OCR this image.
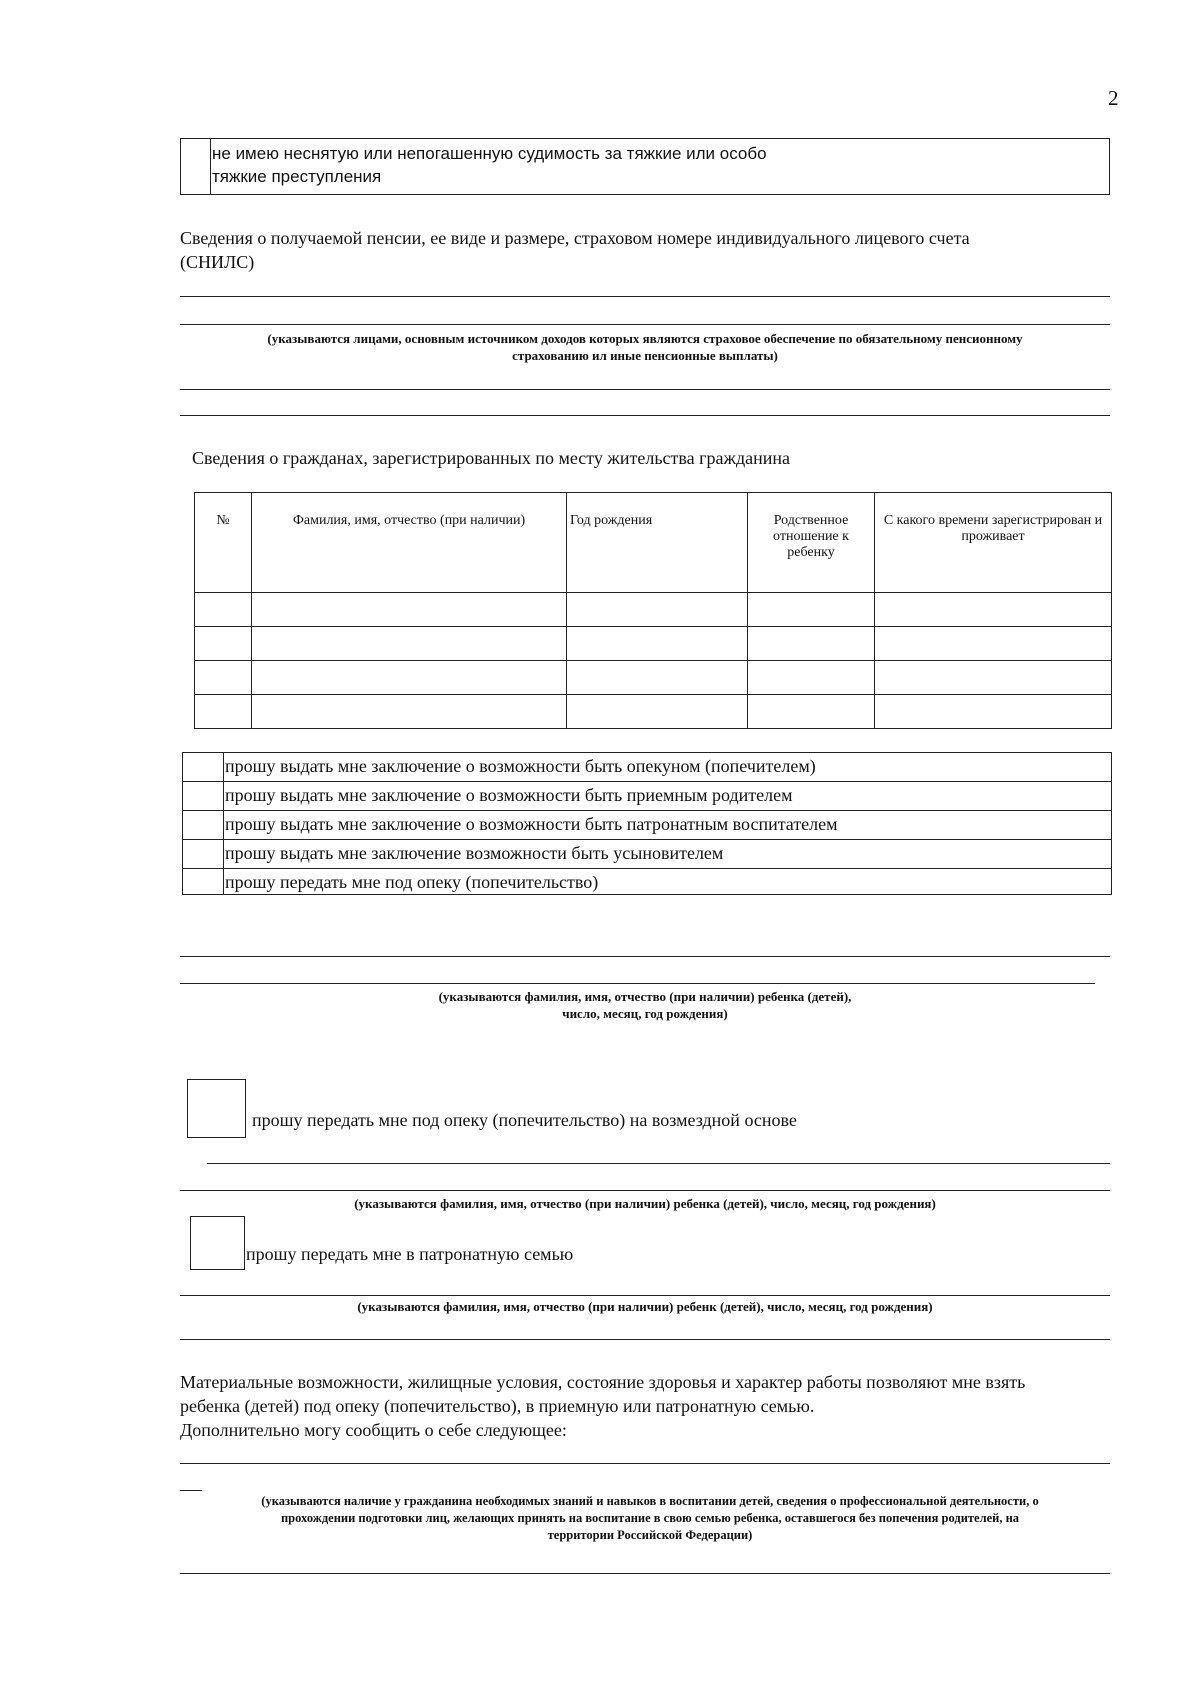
2
не имею неснятую или непогашенную судимость за тяжкие или особо
тяжкие преступления
Сведения о получаемой пенсии, ее виде и размере, страховом номере индивидуального лицевого счета
(СНИЛС)
(указываются лицами, основным источником доходов которых являются страховое обеспечение по обязательному пенсионному
страхованию ил иные пенсионные выплаты)
Сведения о гражданах, зарегистрированных по месту жительства гражданина
№	Фамилия, имя, отчество (при наличии)	Год рождения	Родственное отношение к ребенку	С какого времени зарегистрирован и проживает

прошу выдать мне заключение о возможности быть опекуном (попечителем)
прошу выдать мне заключение о возможности быть приемным родителем
прошу выдать мне заключение о возможности быть патронатным воспитателем
прошу выдать мне заключение возможности быть усыновителем
прошу передать мне под опеку (попечительство)
(указываются фамилия, имя, отчество (при наличии) ребенка (детей),
число, месяц, год рождения)
прошу передать мне под опеку (попечительство) на возмездной основе
(указываются фамилия, имя, отчество (при наличии) ребенка (детей), число, месяц, год рождения)
прошу передать мне в патронатную семью
(указываются фамилия, имя, отчество (при наличии) ребенк (детей), число, месяц, год рождения)
Материальные возможности, жилищные условия, состояние здоровья и характер работы позволяют мне взять
ребенка (детей) под опеку (попечительство), в приемную или патронатную семью.
Дополнительно могу сообщить о себе следующее:
(указываются наличие у гражданина необходимых знаний и навыков в воспитании детей, сведения о профессиональной деятельности, о
прохождении подготовки лиц, желающих принять на воспитание в свою семью ребенка, оставшегося без попечения родителей, на
территории Российской Федерации)
